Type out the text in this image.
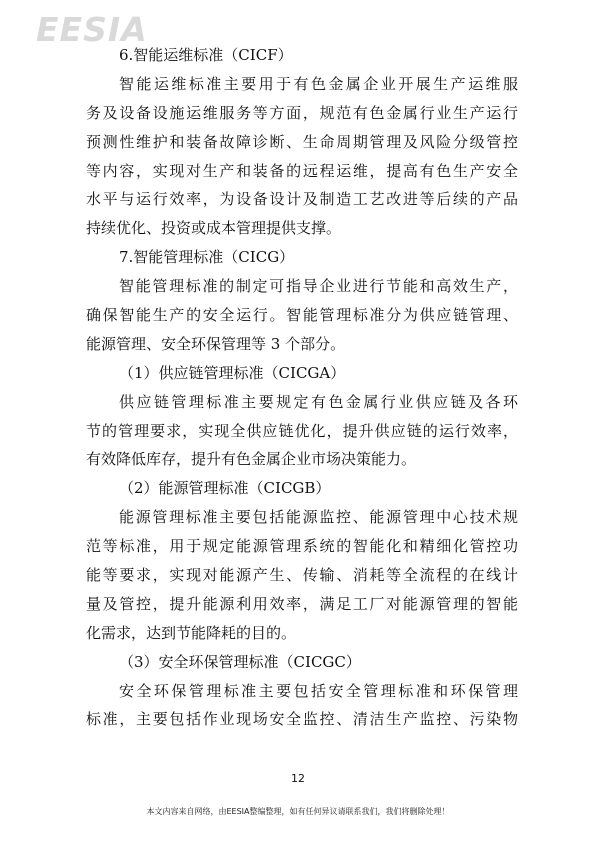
EESIA
6.智能运维标准（CICF）
智能运维标准主要用于有色金属企业开展生产运维服
务及设备设施运维服务等方面，规范有色金属行业生产运行
预测性维护和装备故障诊断、生命周期管理及风险分级管控
等内容，实现对生产和装备的远程运维，提高有色生产安全
水平与运行效率，为设备设计及制造工艺改进等后续的产品
持续优化、投资或成本管理提供支撑。
7.智能管理标准（CICG）
智能管理标准的制定可指导企业进行节能和高效生产，
确保智能生产的安全运行。智能管理标准分为供应链管理、
能源管理、安全环保管理等 3 个部分。
（1）供应链管理标准（CICGA）
供应链管理标准主要规定有色金属行业供应链及各环
节的管理要求，实现全供应链优化，提升供应链的运行效率，
有效降低库存，提升有色金属企业市场决策能力。
（2）能源管理标准（CICGB）
能源管理标准主要包括能源监控、能源管理中心技术规
范等标准，用于规定能源管理系统的智能化和精细化管控功
能等要求，实现对能源产生、传输、消耗等全流程的在线计
量及管控，提升能源利用效率，满足工厂对能源管理的智能
化需求，达到节能降耗的目的。
（3）安全环保管理标准（CICGC）
安全环保管理标准主要包括安全管理标准和环保管理
标准，主要包括作业现场安全监控、清洁生产监控、污染物
12
本文内容来自网络，由EESIA整编整理，如有任何异议请联系我们，我们将删除处理！
